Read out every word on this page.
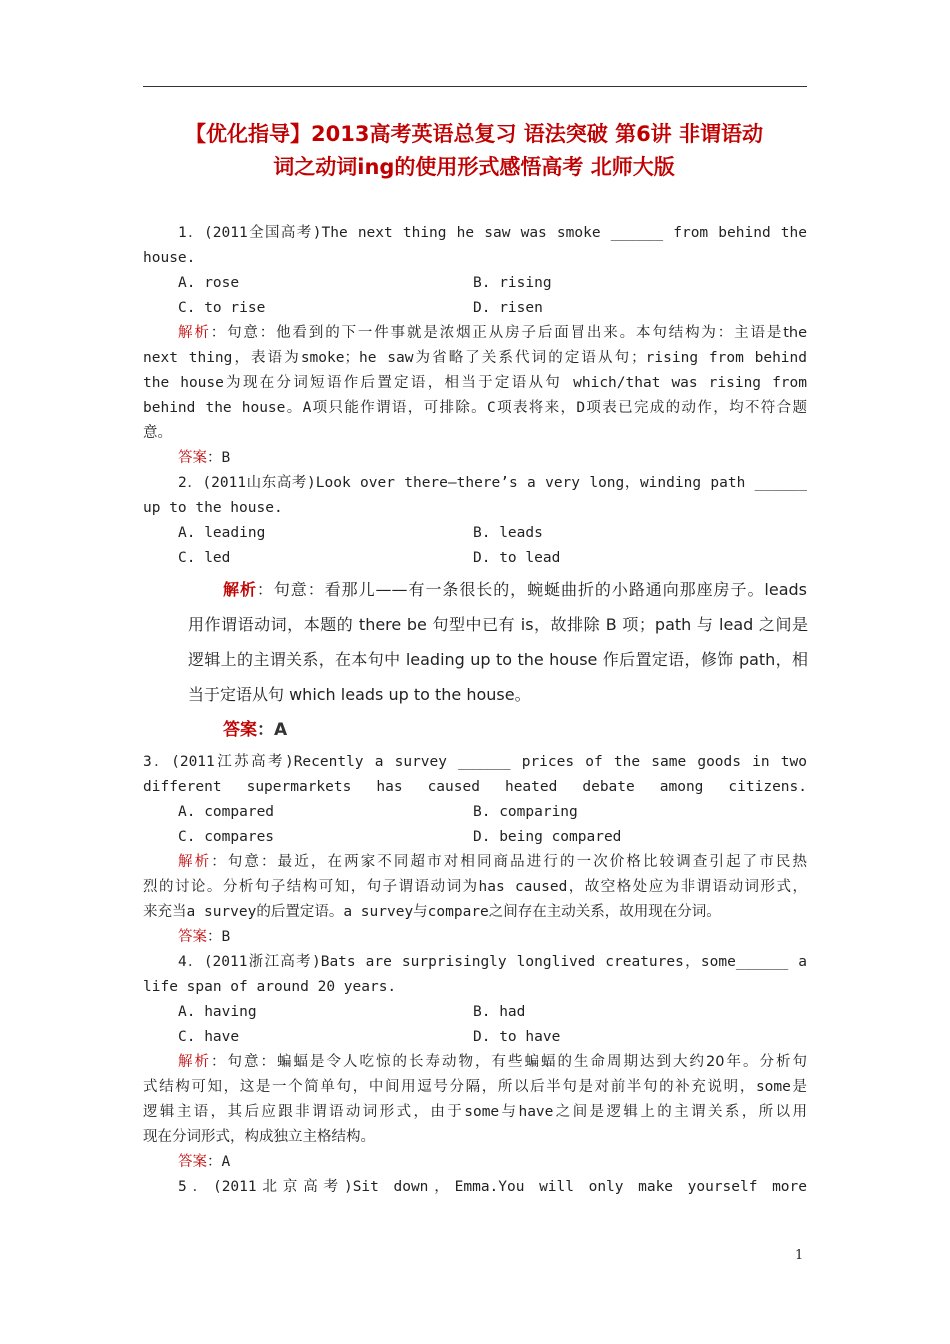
【优化指导】2013高考英语总复习 语法突破 第6讲 非谓语动
词之动词ing的使用形式感悟高考 北师大版
1．(2011全国高考)The next thing he saw was smoke ______ from behind the
house.
A. rose	B. rising
C. to rise	D. risen
解析：句意：他看到的下一件事就是浓烟正从房子后面冒出来。本句结构为：主语是the
next thing，表语为smoke；he saw为省略了关系代词的定语从句；rising from behind
the house为现在分词短语作后置定语，相当于定语从句 which/that was rising from
behind the house。A项只能作谓语，可排除。C项表将来，D项表已完成的动作，均不符合题
意。
答案：B
2．(2011山东高考)Look over there—there’s a very long，winding path ______
up to the house.
A. leading	B. leads
C. led	D. to lead
解析：句意：看那儿——有一条很长的，蜿蜒曲折的小路通向那座房子。leads
用作谓语动词，本题的 there be 句型中已有 is，故排除 B 项；path 与 lead 之间是
逻辑上的主谓关系，在本句中 leading up to the house 作后置定语，修饰 path，相
当于定语从句 which leads up to the house。
答案：A
3．(2011江苏高考)Recently a survey ______ prices of the same goods in two
different supermarkets has caused heated debate among citizens.
A. compared	B. comparing
C. compares	D. being compared
解析：句意：最近，在两家不同超市对相同商品进行的一次价格比较调查引起了市民热
烈的讨论。分析句子结构可知，句子谓语动词为has caused，故空格处应为非谓语动词形式，
来充当a survey的后置定语。a survey与compare之间存在主动关系，故用现在分词。
答案：B
4．(2011浙江高考)Bats are surprisingly longlived creatures，some______ a
life span of around 20 years.
A. having	B. had
C. have	D. to have
解析：句意：蝙蝠是令人吃惊的长寿动物，有些蝙蝠的生命周期达到大约20年。分析句
式结构可知，这是一个简单句，中间用逗号分隔，所以后半句是对前半句的补充说明，some是
逻辑主语，其后应跟非谓语动词形式，由于some与have之间是逻辑上的主谓关系，所以用
现在分词形式，构成独立主格结构。
答案：A
5．(2011北京高考)Sit down，Emma.You will only make yourself more
1
